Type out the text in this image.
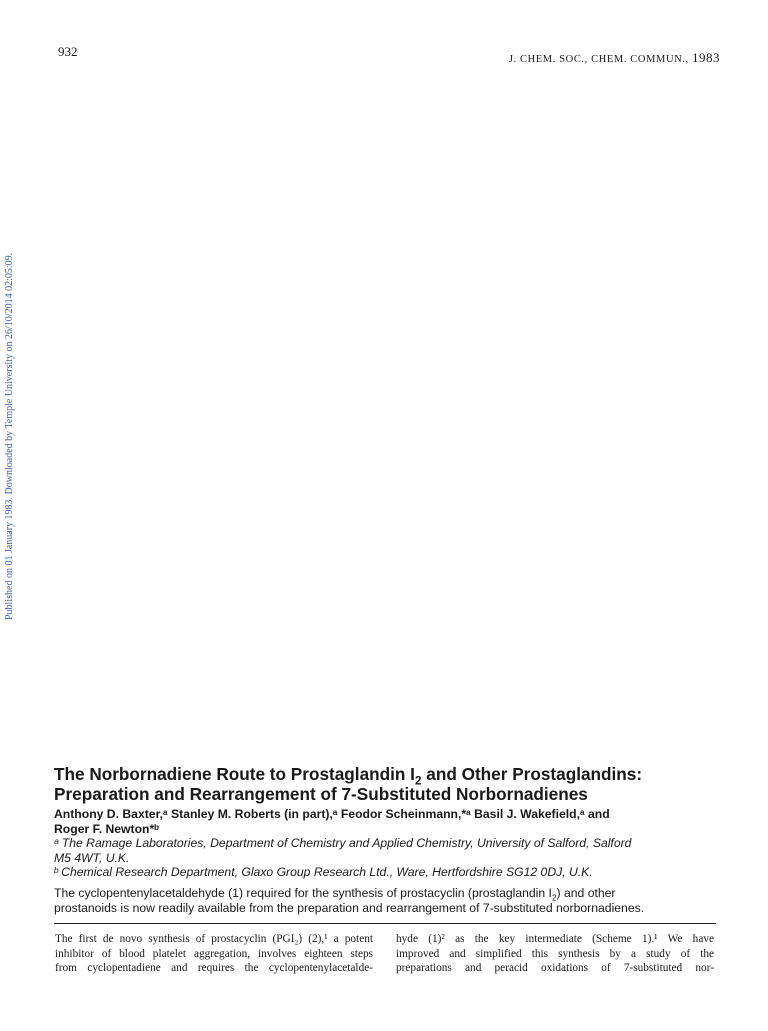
932
J. CHEM. SOC., CHEM. COMMUN., 1983
Published on 01 January 1983. Downloaded by Temple University on 26/10/2014 02:05:09.
The Norbornadiene Route to Prostaglandin $I_2$ and Other Prostaglandins:
Preparation and Rearrangement of 7-Substituted Norbornadienes
Anthony D. Baxter,ᵃ Stanley M. Roberts (in part),ᵃ Feodor Scheinmann,*ᵃ Basil J. Wakefield,ᵃ and
Roger F. Newton*ᵇ
ᵃ The Ramage Laboratories, Department of Chemistry and Applied Chemistry, University of Salford, Salford
M5 4WT, U.K.
ᵇ Chemical Research Department, Glaxo Group Research Ltd., Ware, Hertfordshire SG12 0DJ, U.K.
The cyclopentenylacetaldehyde (1) required for the synthesis of prostacyclin (prostaglandin $I_2$) and other
prostanoids is now readily available from the preparation and rearrangement of 7-substituted norbornadienes.
The first de novo synthesis of prostacyclin (PGI₂) (2),¹ a potent
inhibitor of blood platelet aggregation, involves eighteen steps
from cyclopentadiene and requires the cyclopentenylacetalde-
hyde (1)² as the key intermediate (Scheme 1).¹ We have
improved and simplified this synthesis by a study of the
preparations and peracid oxidations of 7-substituted nor-
